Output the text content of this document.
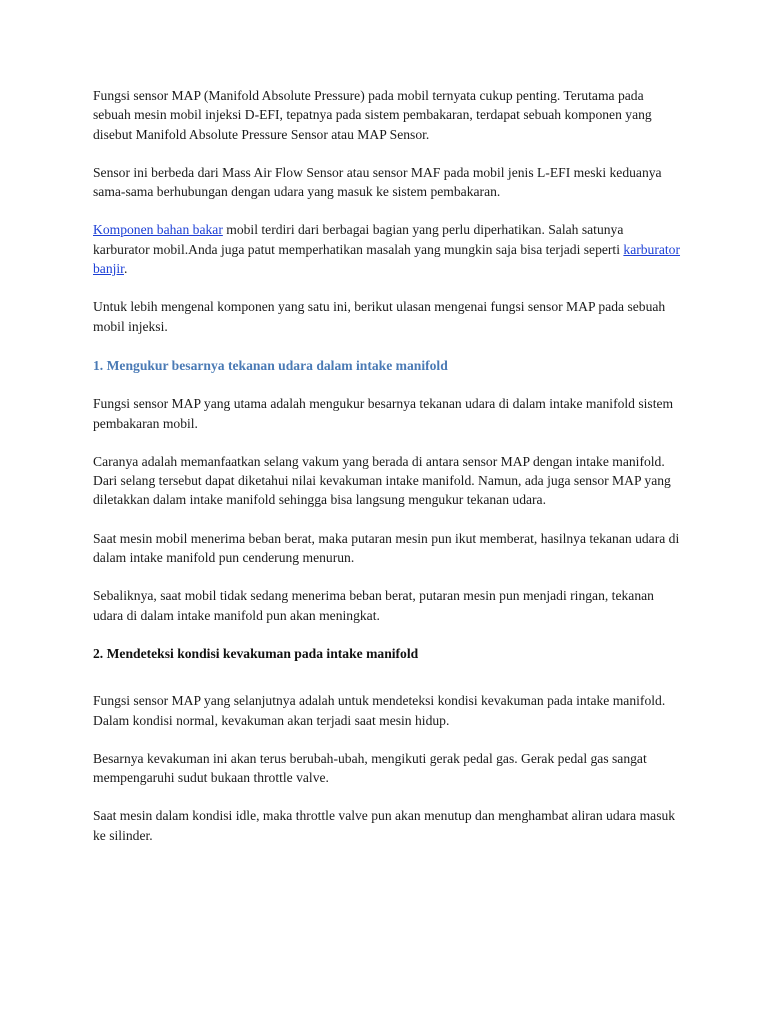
Fungsi sensor MAP (Manifold Absolute Pressure) pada mobil ternyata cukup penting. Terutama pada sebuah mesin mobil injeksi D-EFI, tepatnya pada sistem pembakaran, terdapat sebuah komponen yang disebut Manifold Absolute Pressure Sensor atau MAP Sensor.

Sensor ini berbeda dari Mass Air Flow Sensor atau sensor MAF pada mobil jenis L-EFI meski keduanya sama-sama berhubungan dengan udara yang masuk ke sistem pembakaran.

Komponen bahan bakar mobil terdiri dari berbagai bagian yang perlu diperhatikan. Salah satunya karburator mobil.Anda juga patut memperhatikan masalah yang mungkin saja bisa terjadi seperti karburator banjir.

Untuk lebih mengenal komponen yang satu ini, berikut ulasan mengenai fungsi sensor MAP pada sebuah mobil injeksi.

1. Mengukur besarnya tekanan udara dalam intake manifold

Fungsi sensor MAP yang utama adalah mengukur besarnya tekanan udara di dalam intake manifold sistem pembakaran mobil.

Caranya adalah memanfaatkan selang vakum yang berada di antara sensor MAP dengan intake manifold. Dari selang tersebut dapat diketahui nilai kevakuman intake manifold. Namun, ada juga sensor MAP yang diletakkan dalam intake manifold sehingga bisa langsung mengukur tekanan udara.

Saat mesin mobil menerima beban berat, maka putaran mesin pun ikut memberat, hasilnya tekanan udara di dalam intake manifold pun cenderung menurun.

Sebaliknya, saat mobil tidak sedang menerima beban berat, putaran mesin pun menjadi ringan, tekanan udara di dalam intake manifold pun akan meningkat.

2. Mendeteksi kondisi kevakuman pada intake manifold

Fungsi sensor MAP yang selanjutnya adalah untuk mendeteksi kondisi kevakuman pada intake manifold. Dalam kondisi normal, kevakuman akan terjadi saat mesin hidup.

Besarnya kevakuman ini akan terus berubah-ubah, mengikuti gerak pedal gas. Gerak pedal gas sangat mempengaruhi sudut bukaan throttle valve.

Saat mesin dalam kondisi idle, maka throttle valve pun akan menutup dan menghambat aliran udara masuk ke silinder.
